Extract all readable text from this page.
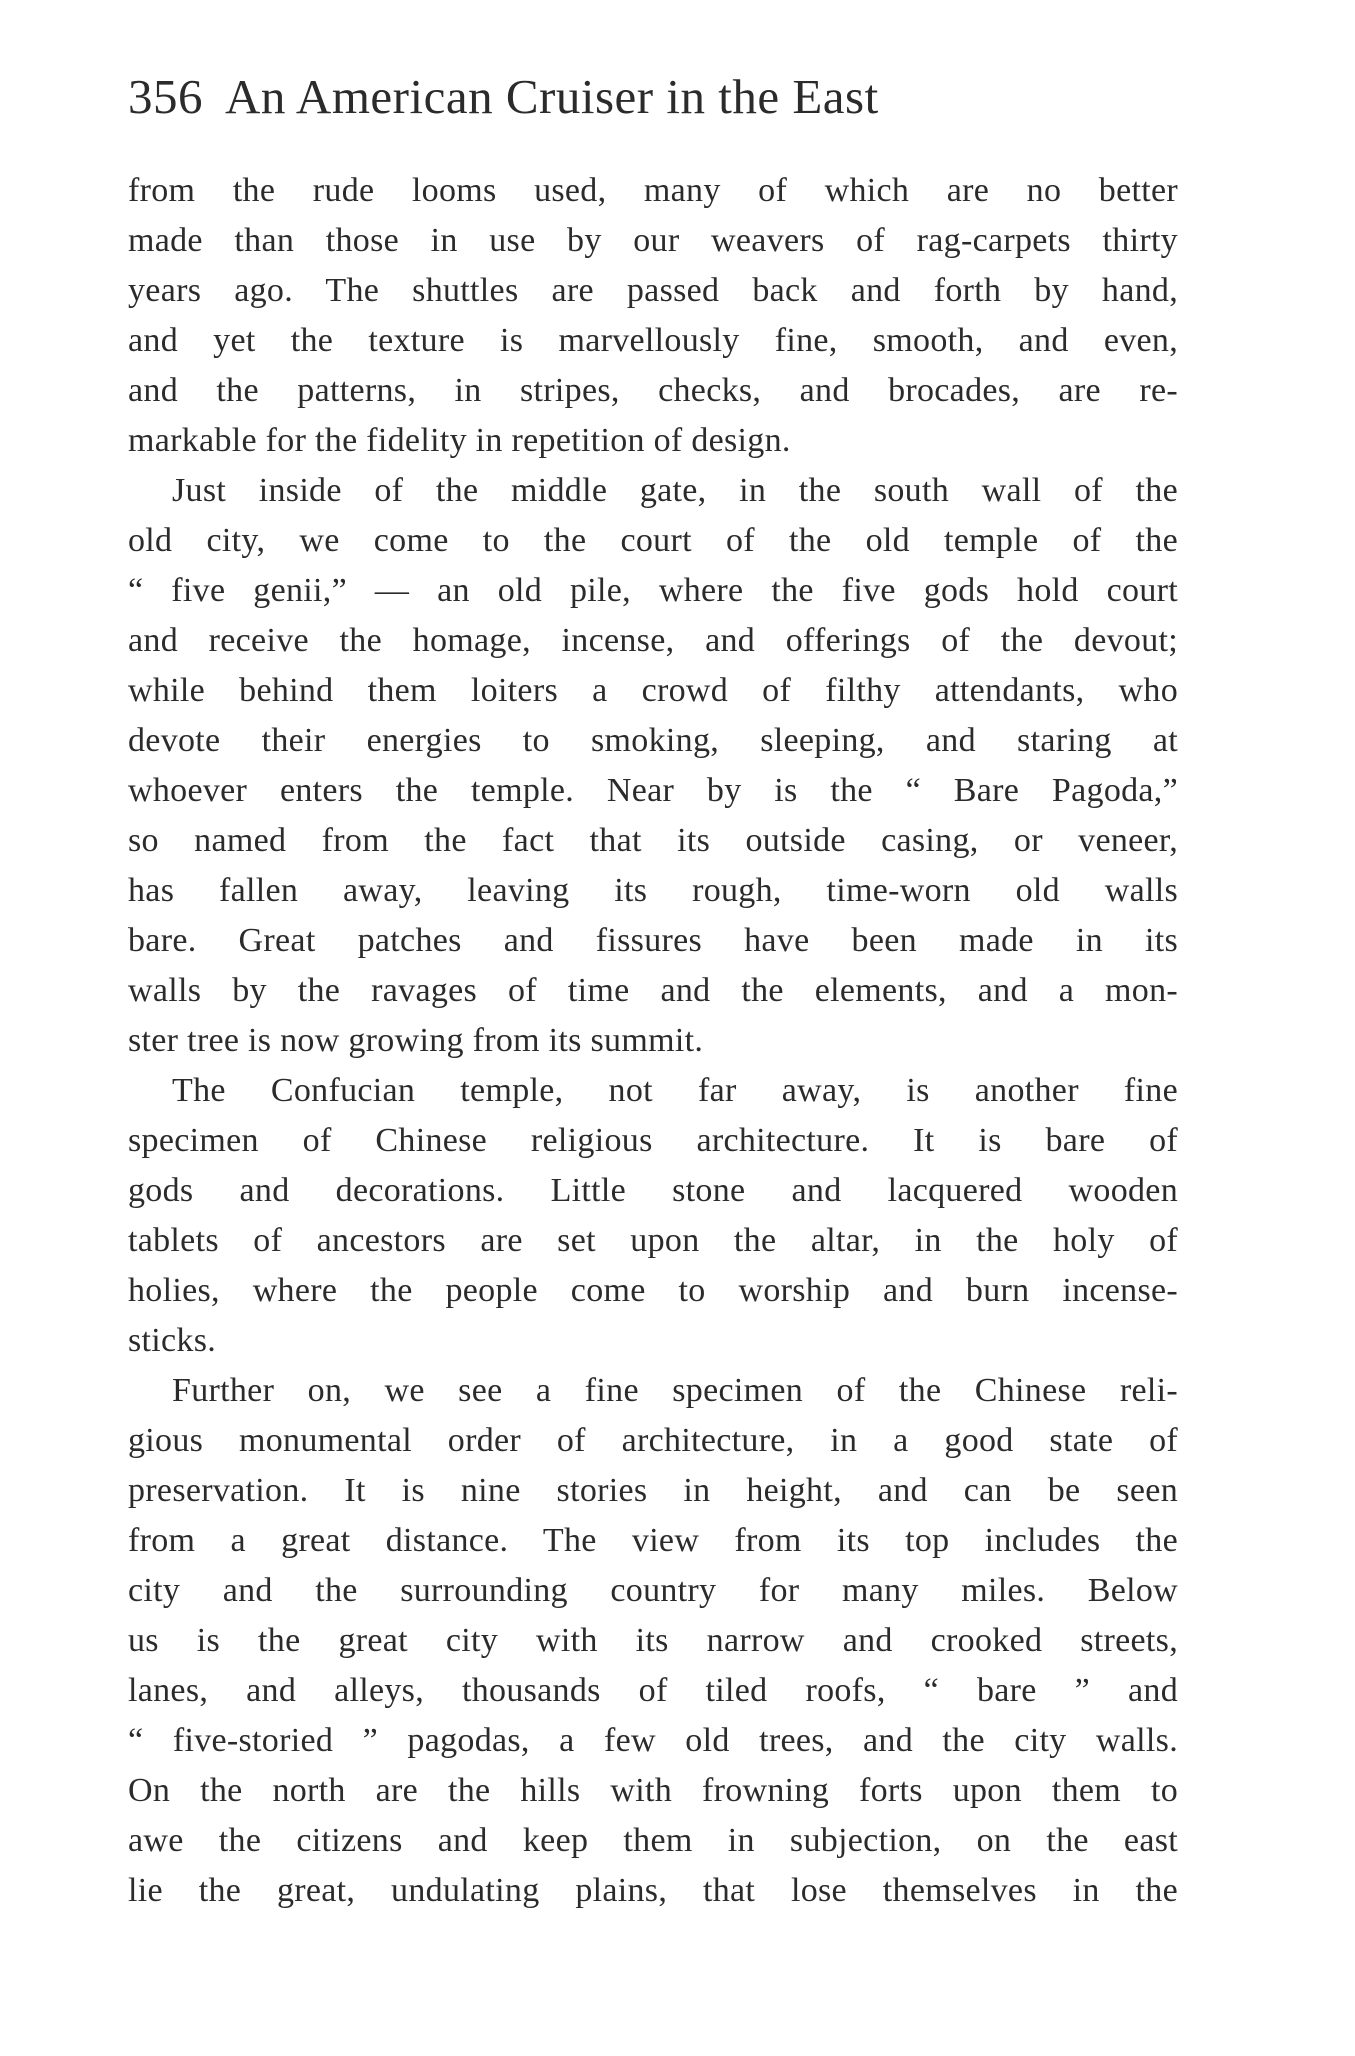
356 An American Cruiser in the East
from the rude looms used, many of which are no better
made than those in use by our weavers of rag-carpets thirty
years ago. The shuttles are passed back and forth by hand,
and yet the texture is marvellously fine, smooth, and even,
and the patterns, in stripes, checks, and brocades, are re-
markable for the fidelity in repetition of design.
Just inside of the middle gate, in the south wall of the
old city, we come to the court of the old temple of the
“ five genii,” — an old pile, where the five gods hold court
and receive the homage, incense, and offerings of the devout;
while behind them loiters a crowd of filthy attendants, who
devote their energies to smoking, sleeping, and staring at
whoever enters the temple. Near by is the “ Bare Pagoda,”
so named from the fact that its outside casing, or veneer,
has fallen away, leaving its rough, time-worn old walls
bare. Great patches and fissures have been made in its
walls by the ravages of time and the elements, and a mon-
ster tree is now growing from its summit.
The Confucian temple, not far away, is another fine
specimen of Chinese religious architecture. It is bare of
gods and decorations. Little stone and lacquered wooden
tablets of ancestors are set upon the altar, in the holy of
holies, where the people come to worship and burn incense-
sticks.
Further on, we see a fine specimen of the Chinese reli-
gious monumental order of architecture, in a good state of
preservation. It is nine stories in height, and can be seen
from a great distance. The view from its top includes the
city and the surrounding country for many miles. Below
us is the great city with its narrow and crooked streets,
lanes, and alleys, thousands of tiled roofs, “ bare ” and
“ five-storied ” pagodas, a few old trees, and the city walls.
On the north are the hills with frowning forts upon them to
awe the citizens and keep them in subjection, on the east
lie the great, undulating plains, that lose themselves in the
